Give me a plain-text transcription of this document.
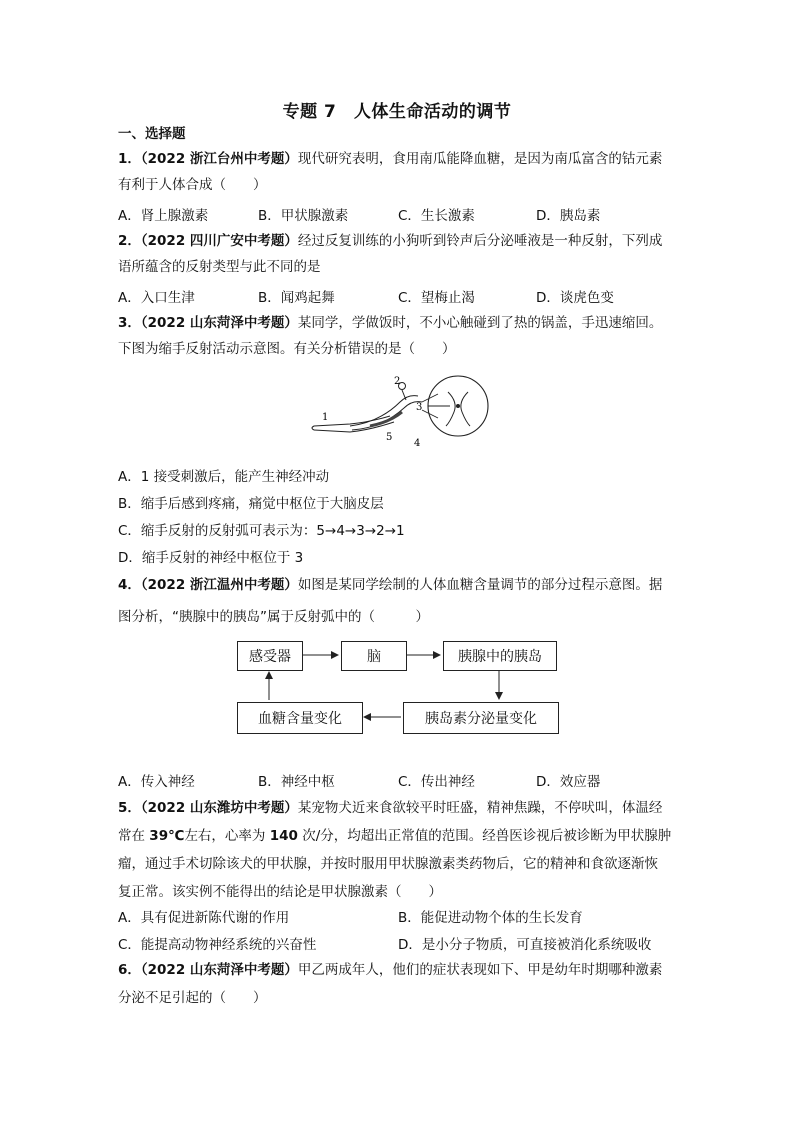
专题 7　人体生命活动的调节
一、选择题
1．（2022 浙江台州中考题）现代研究表明，食用南瓜能降血糖，是因为南瓜富含的钴元素
有利于人体合成（　　）
A．肾上腺激素	B．甲状腺激素	C．生长激素	D．胰岛素
2．（2022 四川广安中考题）经过反复训练的小狗听到铃声后分泌唾液是一种反射，下列成
语所蕴含的反射类型与此不同的是
A．入口生津	B．闻鸡起舞	C．望梅止渴	D．谈虎色变
3．（2022 山东菏泽中考题）某同学，学做饭时，不小心触碰到了热的锅盖，手迅速缩回。
下图为缩手反射活动示意图。有关分析错误的是（　　）
1
2
3
4
5
A．1 接受刺激后，能产生神经冲动
B．缩手后感到疼痛，痛觉中枢位于大脑皮层
C．缩手反射的反射弧可表示为：5→4→3→2→1
D．缩手反射的神经中枢位于 3
4．（2022 浙江温州中考题）如图是某同学绘制的人体血糖含量调节的部分过程示意图。据
图分析，“胰腺中的胰岛”属于反射弧中的（　　　）
感受器	脑	胰腺中的胰岛
胰岛素分泌量变化
血糖含量变化
A．传入神经	B．神经中枢	C．传出神经	D．效应器
5．（2022 山东潍坊中考题）某宠物犬近来食欲较平时旺盛，精神焦躁，不停吠叫，体温经
常在 39℃左右，心率为 140 次/分，均超出正常值的范围。经兽医诊视后被诊断为甲状腺肿
瘤，通过手术切除该犬的甲状腺，并按时服用甲状腺激素类药物后，它的精神和食欲逐渐恢
复正常。该实例不能得出的结论是甲状腺激素（　　）
A．具有促进新陈代谢的作用	B．能促进动物个体的生长发育
C．能提高动物神经系统的兴奋性	D．是小分子物质，可直接被消化系统吸收
6．（2022 山东菏泽中考题）甲乙两成年人，他们的症状表现如下、甲是幼年时期哪种激素
分泌不足引起的（　　）
